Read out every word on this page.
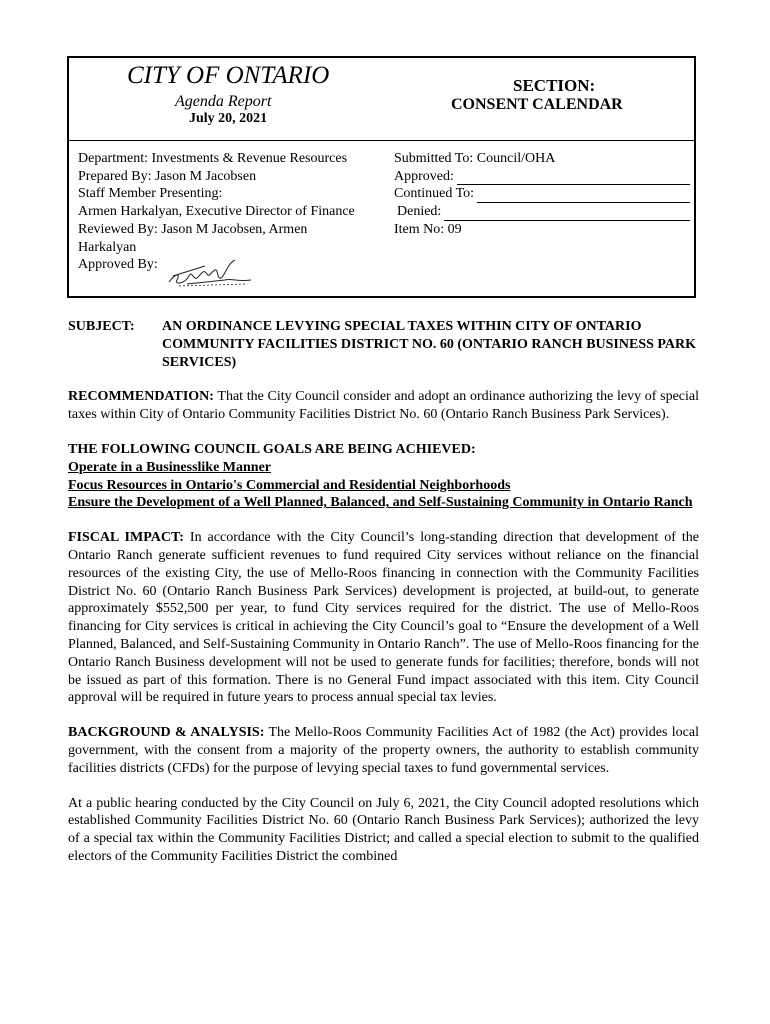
CITY OF ONTARIO
Agenda Report
July 20, 2021
SECTION:
CONSENT CALENDAR
Department: Investments & Revenue Resources
Prepared By: Jason M Jacobsen
Staff Member Presenting:
Armen Harkalyan, Executive Director of Finance
Reviewed By: Jason M Jacobsen, Armen
Harkalyan
Approved By:
Submitted To: Council/OHA
Approved:
Continued To:
Denied:
Item No: 09
SUBJECT:	AN ORDINANCE LEVYING SPECIAL TAXES WITHIN CITY OF ONTARIO COMMUNITY FACILITIES DISTRICT NO. 60 (ONTARIO RANCH BUSINESS PARK SERVICES)

RECOMMENDATION: That the City Council consider and adopt an ordinance authorizing the levy of special taxes within City of Ontario Community Facilities District No. 60 (Ontario Ranch Business Park Services).

THE FOLLOWING COUNCIL GOALS ARE BEING ACHIEVED:
Operate in a Businesslike Manner
Focus Resources in Ontario's Commercial and Residential Neighborhoods
Ensure the Development of a Well Planned, Balanced, and Self-Sustaining Community in Ontario Ranch

FISCAL IMPACT: In accordance with the City Council’s long-standing direction that development of the Ontario Ranch generate sufficient revenues to fund required City services without reliance on the financial resources of the existing City, the use of Mello-Roos financing in connection with the Community Facilities District No. 60 (Ontario Ranch Business Park Services) development is projected, at build-out, to generate approximately $552,500 per year, to fund City services required for the district. The use of Mello-Roos financing for City services is critical in achieving the City Council’s goal to “Ensure the development of a Well Planned, Balanced, and Self-Sustaining Community in Ontario Ranch”. The use of Mello-Roos financing for the Ontario Ranch Business development will not be used to generate funds for facilities; therefore, bonds will not be issued as part of this formation. There is no General Fund impact associated with this item. City Council approval will be required in future years to process annual special tax levies.

BACKGROUND & ANALYSIS: The Mello-Roos Community Facilities Act of 1982 (the Act) provides local government, with the consent from a majority of the property owners, the authority to establish community facilities districts (CFDs) for the purpose of levying special taxes to fund governmental services.

At a public hearing conducted by the City Council on July 6, 2021, the City Council adopted resolutions which established Community Facilities District No. 60 (Ontario Ranch Business Park Services); authorized the levy of a special tax within the Community Facilities District; and called a special election to submit to the qualified electors of the Community Facilities District the combined
